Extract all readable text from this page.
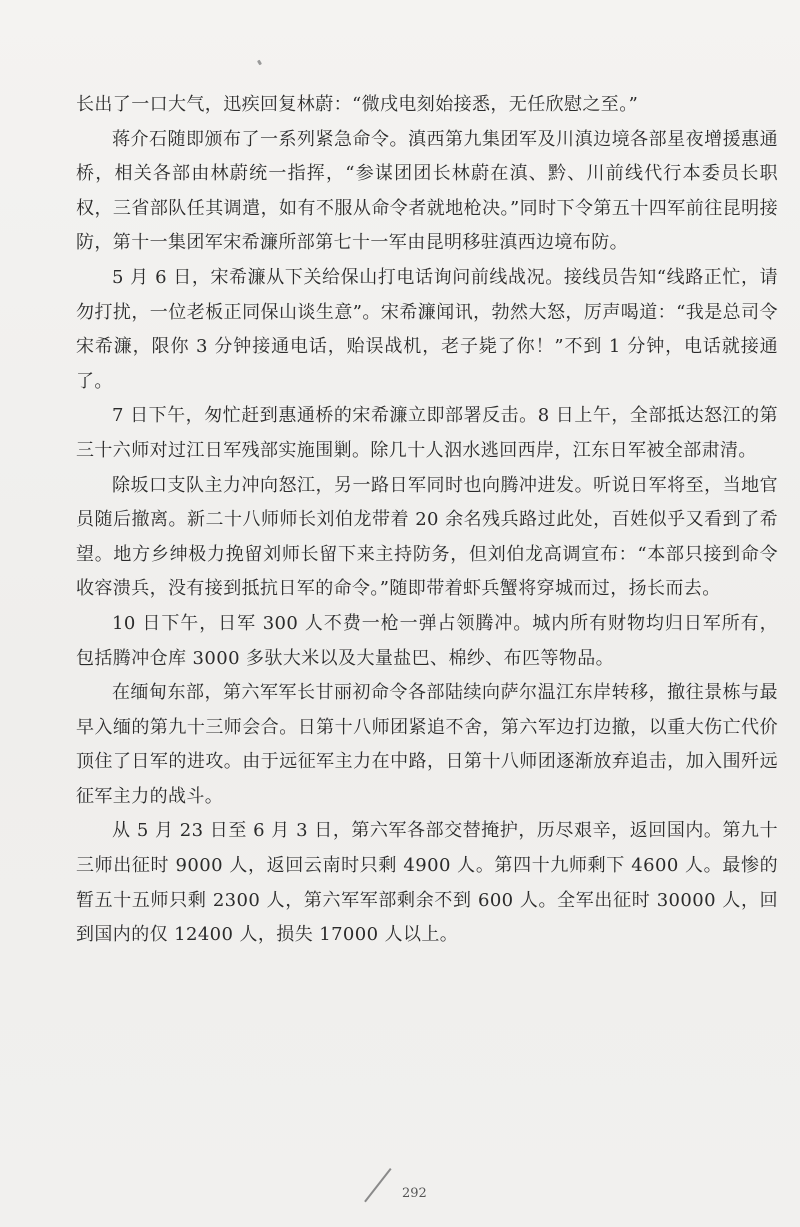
长出了一口大气，迅疾回复林蔚：“微戌电刻始接悉，无任欣慰之至。”

蒋介石随即颁布了一系列紧急命令。滇西第九集团军及川滇边境各部星夜增援惠通桥，相关各部由林蔚统一指挥，“参谋团团长林蔚在滇、黔、川前线代行本委员长职权，三省部队任其调遣，如有不服从命令者就地枪决。”同时下令第五十四军前往昆明接防，第十一集团军宋希濂所部第七十一军由昆明移驻滇西边境布防。

5 月 6 日，宋希濂从下关给保山打电话询问前线战况。接线员告知“线路正忙，请勿打扰，一位老板正同保山谈生意”。宋希濂闻讯，勃然大怒，厉声喝道：“我是总司令宋希濂，限你 3 分钟接通电话，贻误战机，老子毙了你！”不到 1 分钟，电话就接通了。

7 日下午，匆忙赶到惠通桥的宋希濂立即部署反击。8 日上午，全部抵达怒江的第三十六师对过江日军残部实施围剿。除几十人泅水逃回西岸，江东日军被全部肃清。

除坂口支队主力冲向怒江，另一路日军同时也向腾冲进发。听说日军将至，当地官员随后撤离。新二十八师师长刘伯龙带着 20 余名残兵路过此处，百姓似乎又看到了希望。地方乡绅极力挽留刘师长留下来主持防务，但刘伯龙高调宣布：“本部只接到命令收容溃兵，没有接到抵抗日军的命令。”随即带着虾兵蟹将穿城而过，扬长而去。

10 日下午，日军 300 人不费一枪一弹占领腾冲。城内所有财物均归日军所有，包括腾冲仓库 3000 多驮大米以及大量盐巴、棉纱、布匹等物品。

在缅甸东部，第六军军长甘丽初命令各部陆续向萨尔温江东岸转移，撤往景栋与最早入缅的第九十三师会合。日第十八师团紧追不舍，第六军边打边撤，以重大伤亡代价顶住了日军的进攻。由于远征军主力在中路，日第十八师团逐渐放弃追击，加入围歼远征军主力的战斗。

从 5 月 23 日至 6 月 3 日，第六军各部交替掩护，历尽艰辛，返回国内。第九十三师出征时 9000 人，返回云南时只剩 4900 人。第四十九师剩下 4600 人。最惨的暂五十五师只剩 2300 人，第六军军部剩余不到 600 人。全军出征时 30000 人，回到国内的仅 12400 人，损失 17000 人以上。

292
